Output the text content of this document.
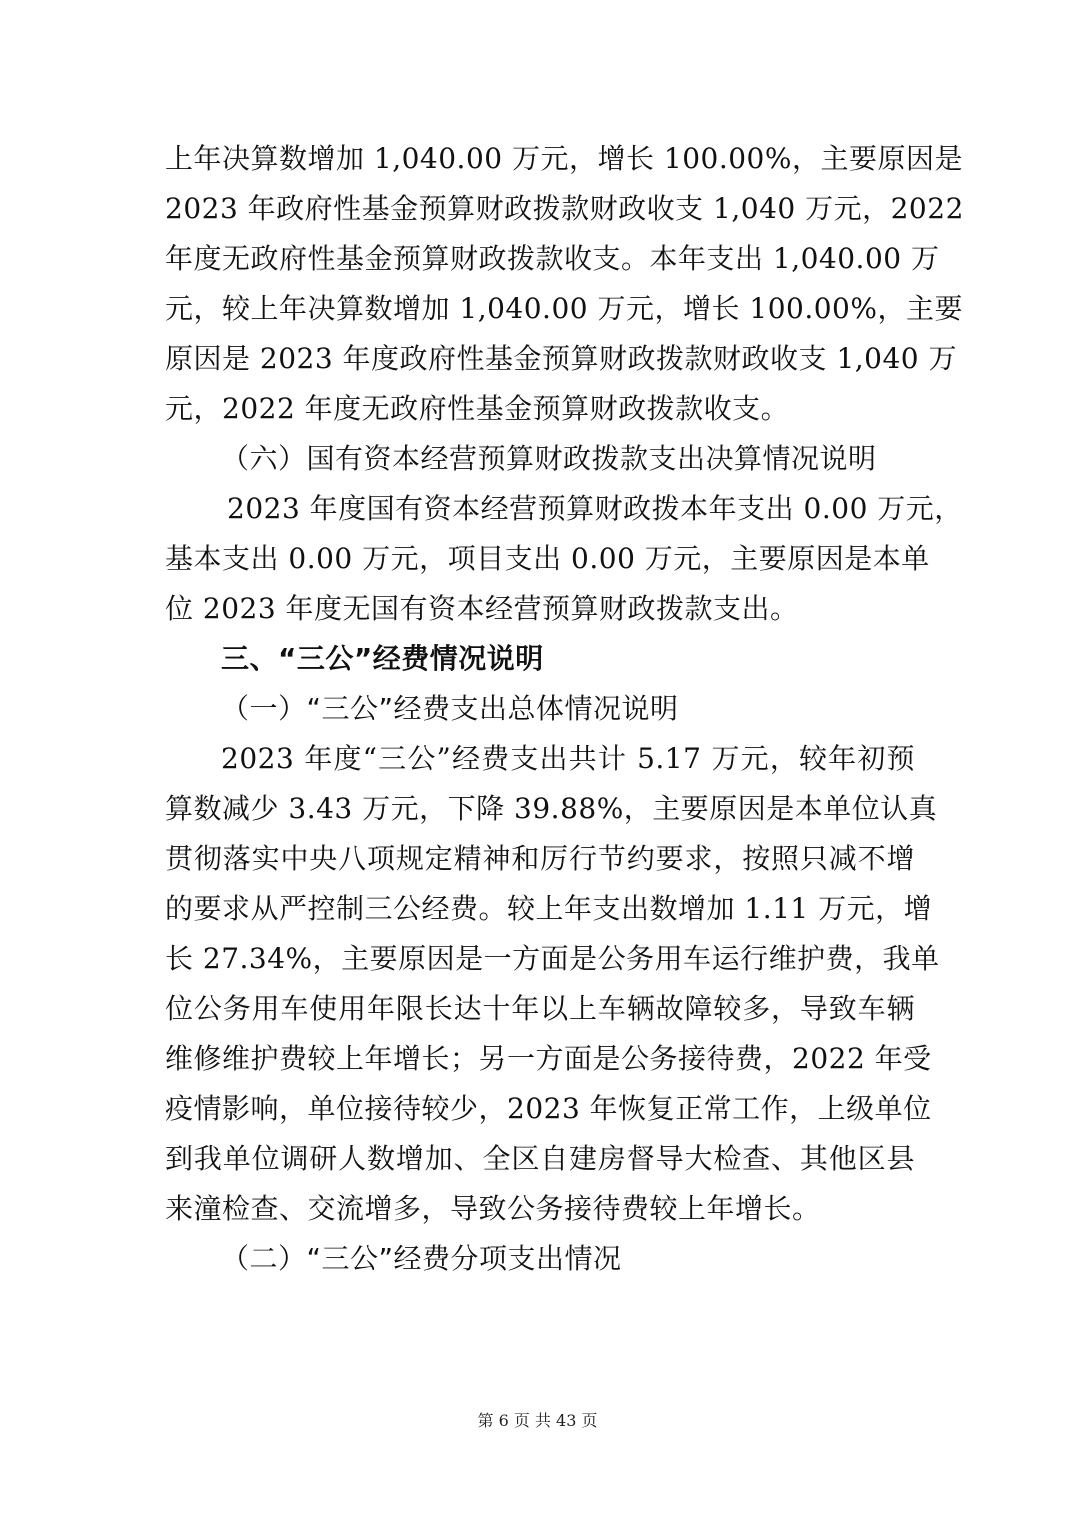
上年决算数增加 1,040.00 万元，增长 100.00%，主要原因是
2023 年政府性基金预算财政拨款财政收支 1,040 万元，2022
年度无政府性基金预算财政拨款收支。本年支出 1,040.00 万
元，较上年决算数增加 1,040.00 万元，增长 100.00%，主要
原因是 2023 年度政府性基金预算财政拨款财政收支 1,040 万
元，2022 年度无政府性基金预算财政拨款收支。
（六）国有资本经营预算财政拨款支出决算情况说明
2023 年度国有资本经营预算财政拨本年支出 0.00 万元，
基本支出 0.00 万元，项目支出 0.00 万元，主要原因是本单
位 2023 年度无国有资本经营预算财政拨款支出。
三、“三公”经费情况说明
（一）“三公”经费支出总体情况说明
2023 年度“三公”经费支出共计 5.17 万元，较年初预
算数减少 3.43 万元，下降 39.88%，主要原因是本单位认真
贯彻落实中央八项规定精神和厉行节约要求，按照只减不增
的要求从严控制三公经费。较上年支出数增加 1.11 万元，增
长 27.34%，主要原因是一方面是公务用车运行维护费，我单
位公务用车使用年限长达十年以上车辆故障较多，导致车辆
维修维护费较上年增长；另一方面是公务接待费，2022 年受
疫情影响，单位接待较少，2023 年恢复正常工作，上级单位
到我单位调研人数增加、全区自建房督导大检查、其他区县
来潼检查、交流增多，导致公务接待费较上年增长。
（二）“三公”经费分项支出情况
第 6 页 共 43 页
